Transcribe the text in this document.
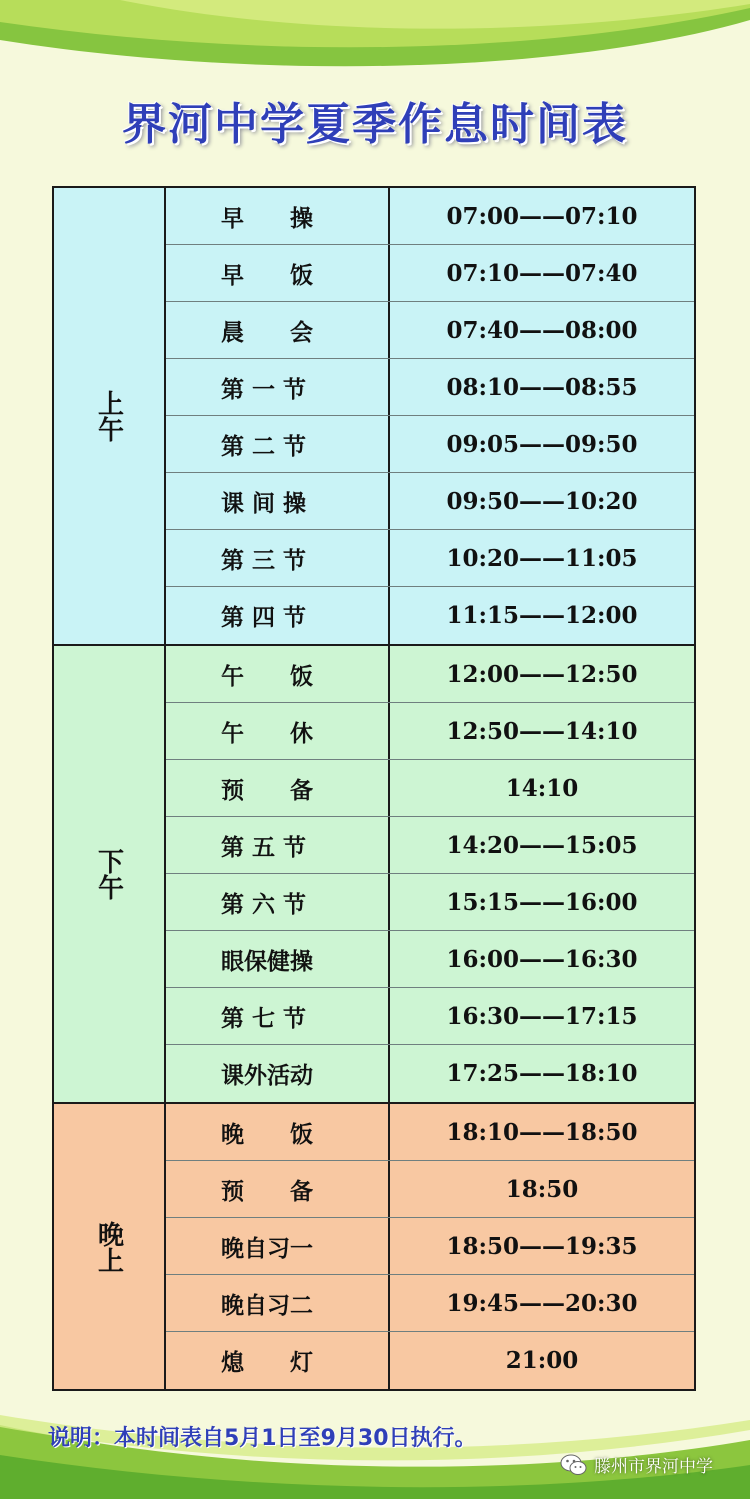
界河中学夏季作息时间表
上午
早　　操	07:00——07:10
早　　饭	07:10——07:40
晨　　会	07:40——08:00
第 一 节	08:10——08:55
第 二 节	09:05——09:50
课 间 操	09:50——10:20
第 三 节	10:20——11:05
第 四 节	11:15——12:00
下午
午　　饭	12:00——12:50
午　　休	12:50——14:10
预　　备	14:10
第 五 节	14:20——15:05
第 六 节	15:15——16:00
眼保健操	16:00——16:30
第 七 节	16:30——17:15
课外活动	17:25——18:10
晚上
晚　　饭	18:10——18:50
预　　备	18:50
晚自习一	18:50——19:35
晚自习二	19:45——20:30
熄　　灯	21:00
说明：本时间表自5月1日至9月30日执行。
滕州市界河中学
